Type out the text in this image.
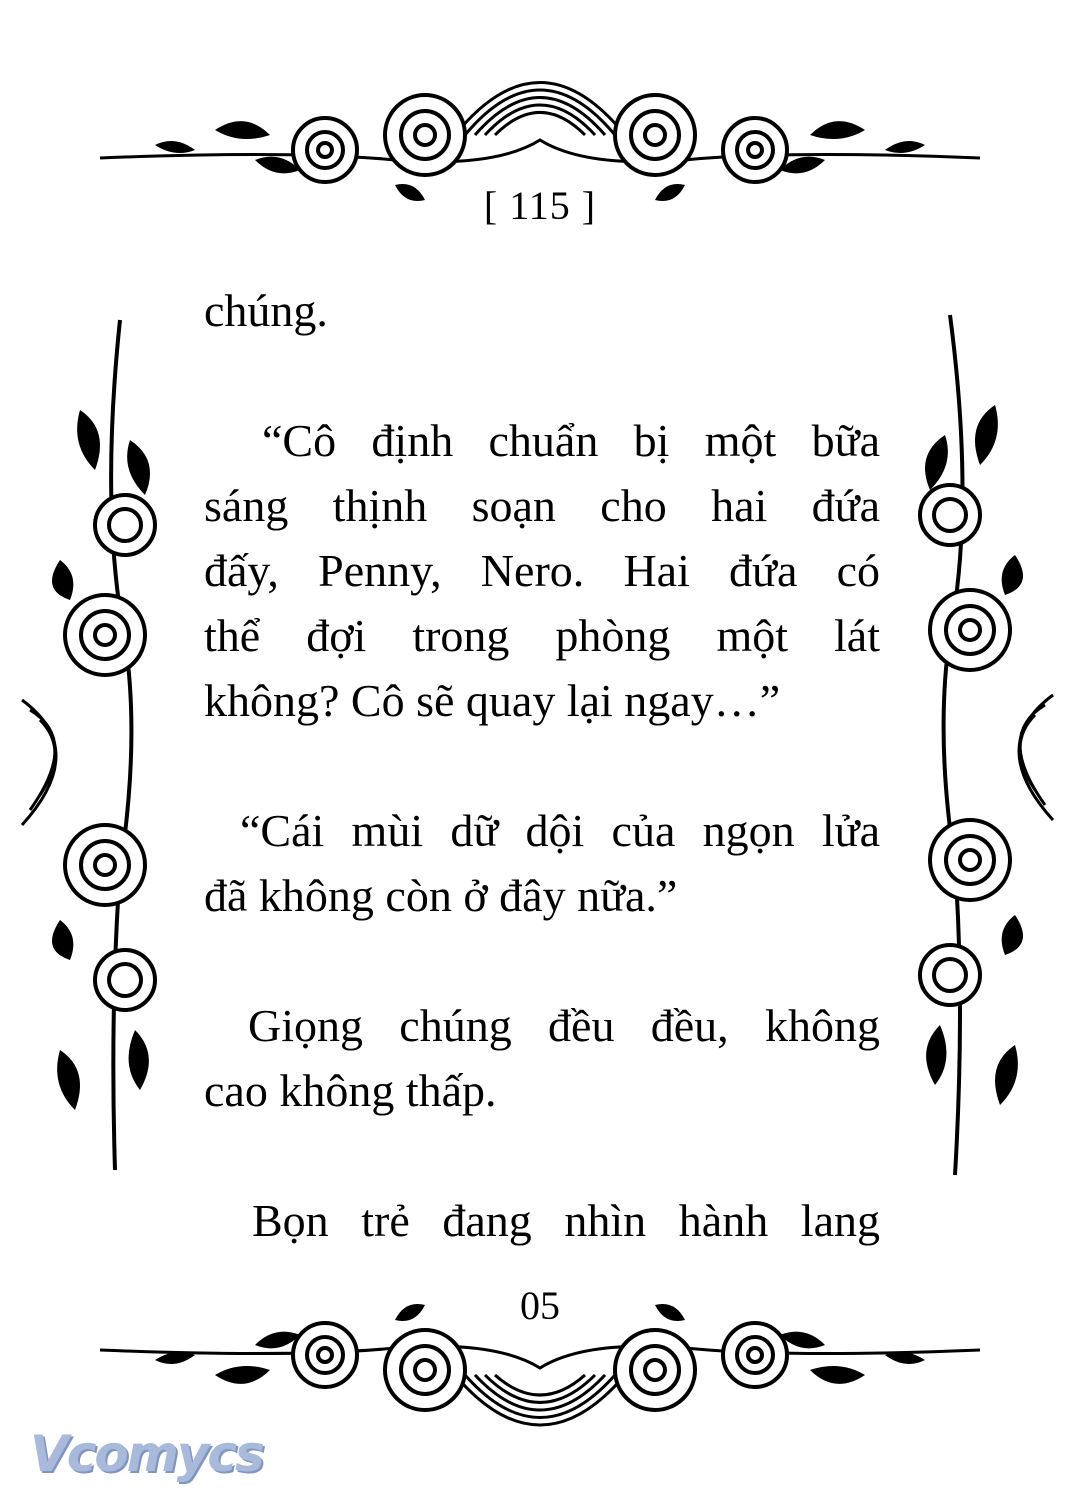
[ 115 ]
chúng.
“Cô định chuẩn bị một bữa
sáng thịnh soạn cho hai đứa
đấy, Penny, Nero. Hai đứa có
thể đợi trong phòng một lát
không? Cô sẽ quay lại ngay…”
“Cái mùi dữ dội của ngọn lửa
đã không còn ở đây nữa.”
Giọng chúng đều đều, không
cao không thấp.
Bọn trẻ đang nhìn hành lang
05
Vcomycs
